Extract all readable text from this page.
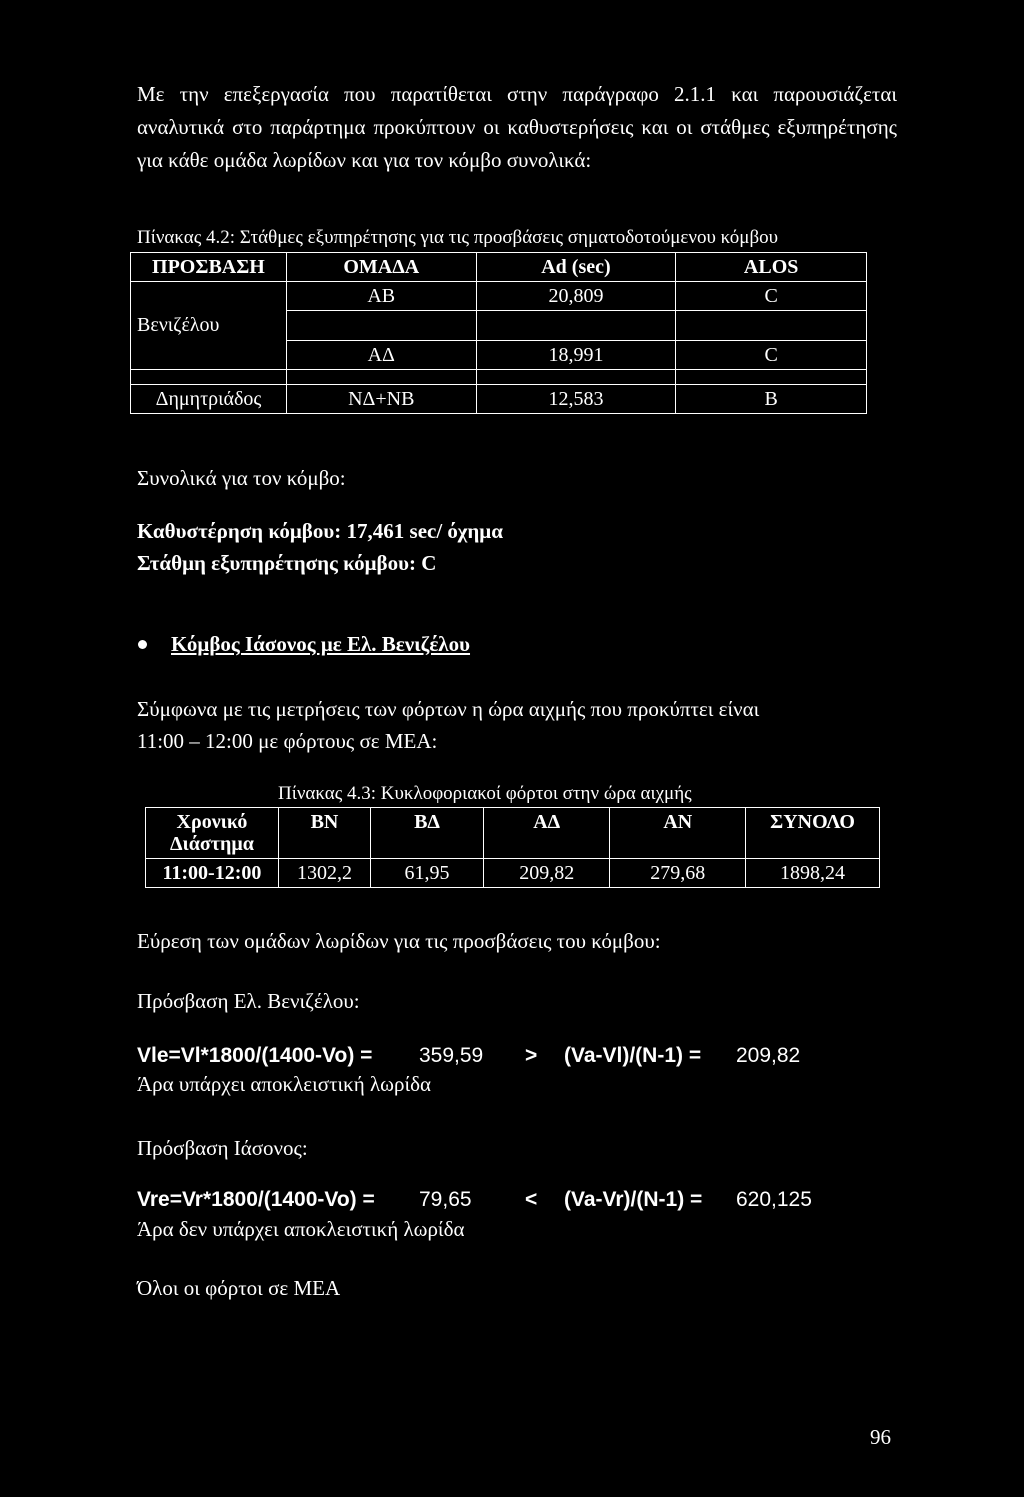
Με την επεξεργασία που παρατίθεται στην παράγραφο 2.1.1 και παρουσιάζεται αναλυτικά στο παράρτημα προκύπτουν οι καθυστερήσεις και οι στάθμες εξυπηρέτησης για κάθε ομάδα λωρίδων και για τον κόμβο συνολικά:

Πίνακας 4.2: Στάθμες εξυπηρέτησης για τις προσβάσεις σηματοδοτούμενου κόμβου

ΠΡΟΣΒΑΣΗ	ΟΜΑΔΑ	Ad (sec)	ALOS
Βενιζέλου	ΑΒ	20,809	C

	ΑΔ	18,991	C

Δημητριάδος	ΝΔ+ΝΒ	12,583	B

Συνολικά για τον κόμβο:

Καθυστέρηση κόμβου: 17,461 sec/ όχημα

Στάθμη εξυπηρέτησης κόμβου: C

Κόμβος Ιάσονος με Ελ. Βενιζέλου

Σύμφωνα με τις μετρήσεις των φόρτων η ώρα αιχμής που προκύπτει είναι

11:00 – 12:00 με φόρτους σε ΜΕΑ:

Πίνακας 4.3: Κυκλοφοριακοί φόρτοι στην ώρα αιχμής

Χρονικό
Διάστημα	ΒΝ	ΒΔ	ΑΔ	ΑΝ	ΣΥΝΟΛΟ
11:00-12:00	1302,2	61,95	209,82	279,68	1898,24

Εύρεση των ομάδων λωρίδων για τις προσβάσεις του κόμβου:

Πρόσβαση Ελ. Βενιζέλου:

Vle=Vl*1800/(1400-Vo) = 359,59 > (Va-Vl)/(N-1) = 209,82

Άρα υπάρχει αποκλειστική λωρίδα

Πρόσβαση Ιάσονος:

Vre=Vr*1800/(1400-Vo) = 79,65	< (Va-Vr)/(N-1) = 620,125

Άρα δεν υπάρχει αποκλειστική λωρίδα

Όλοι οι φόρτοι σε ΜΕΑ

96
